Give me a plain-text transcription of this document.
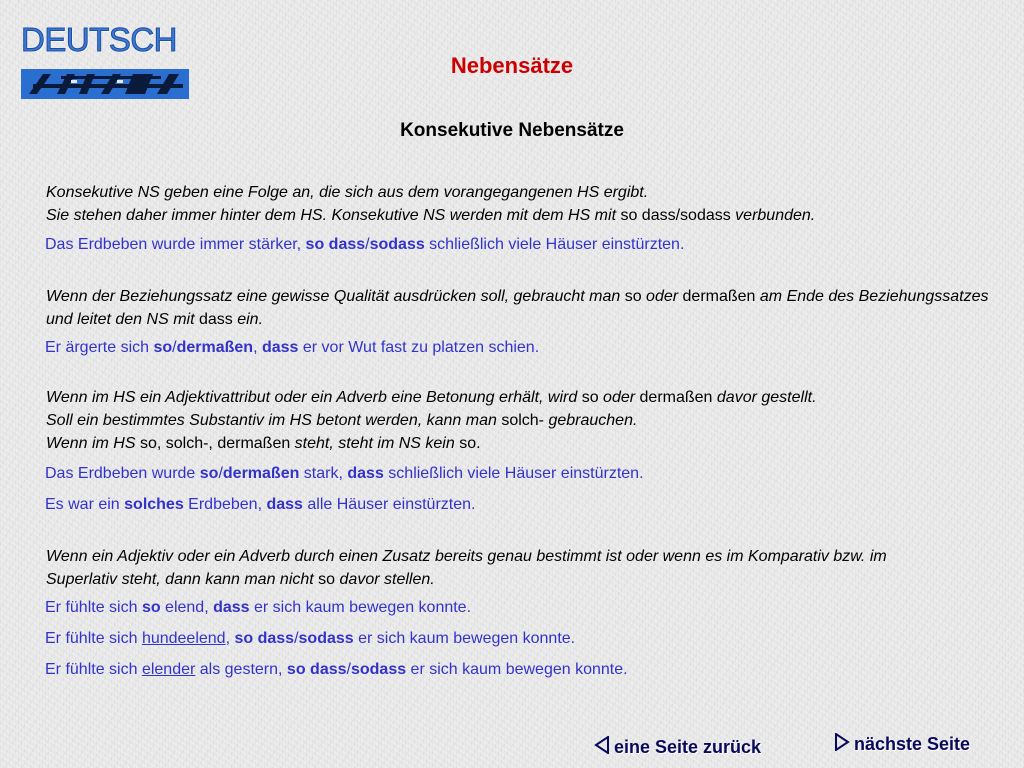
DEUTSCH
Nebensätze
Konsekutive Nebensätze
Konsekutive NS geben eine Folge an, die sich aus dem vorangegangenen HS ergibt.
Sie stehen daher immer hinter dem HS. Konsekutive NS werden mit dem HS mit so dass/sodass verbunden.
Das Erdbeben wurde immer stärker, so dass/sodass schließlich viele Häuser einstürzten.
Wenn der Beziehungssatz eine gewisse Qualität ausdrücken soll, gebraucht man so oder dermaßen am Ende des Beziehungssatzes und leitet den NS mit dass ein.
Er ärgerte sich so/dermaßen, dass er vor Wut fast zu platzen schien.
Wenn im HS ein Adjektivattribut oder ein Adverb eine Betonung erhält, wird so oder dermaßen davor gestellt.
Soll ein bestimmtes Substantiv im HS betont werden, kann man solch- gebrauchen.
Wenn im HS so, solch-, dermaßen steht, steht im NS kein so.
Das Erdbeben wurde so/dermaßen stark, dass schließlich viele Häuser einstürzten.
Es war ein solches Erdbeben, dass alle Häuser einstürzten.
Wenn ein Adjektiv oder ein Adverb durch einen Zusatz bereits genau bestimmt ist oder wenn es im Komparativ bzw. im Superlativ steht, dann kann man nicht so davor stellen.
Er fühlte sich so elend, dass er sich kaum bewegen konnte.
Er fühlte sich hundeelend, so dass/sodass er sich kaum bewegen konnte.
Er fühlte sich elender als gestern, so dass/sodass er sich kaum bewegen konnte.
eine Seite zurück	nächste Seite
